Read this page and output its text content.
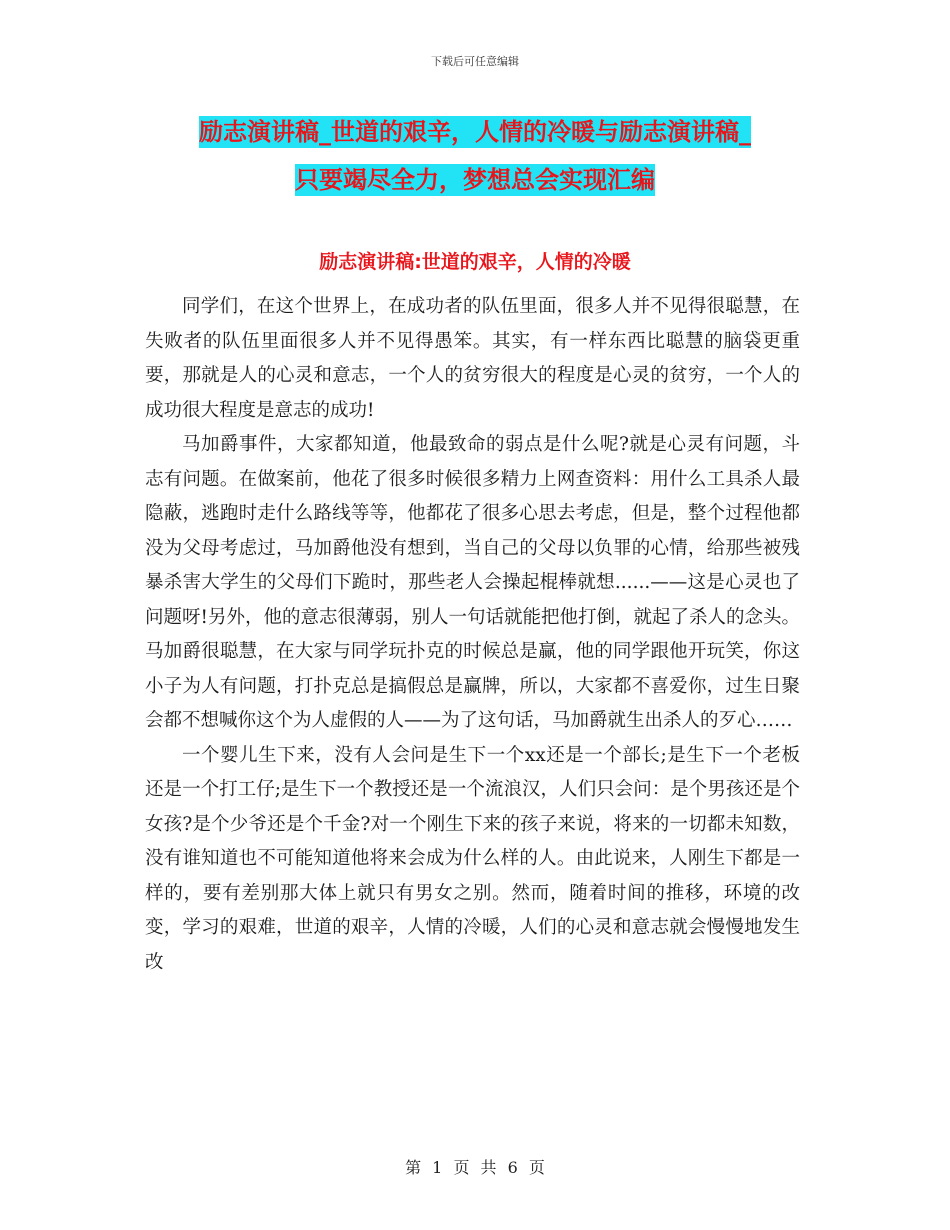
下载后可任意编辑
励志演讲稿_世道的艰辛，人情的冷暖与励志演讲稿_
只要竭尽全力，梦想总会实现汇编
励志演讲稿:世道的艰辛，人情的冷暖

同学们，在这个世界上，在成功者的队伍里面，很多人并不见得很聪慧，在失败者的队伍里面很多人并不见得愚笨。其实，有一样东西比聪慧的脑袋更重要，那就是人的心灵和意志，一个人的贫穷很大的程度是心灵的贫穷，一个人的成功很大程度是意志的成功!

马加爵事件，大家都知道，他最致命的弱点是什么呢?就是心灵有问题，斗志有问题。在做案前，他花了很多时候很多精力上网查资料：用什么工具杀人最隐蔽，逃跑时走什么路线等等，他都花了很多心思去考虑，但是，整个过程他都没为父母考虑过，马加爵他没有想到，当自己的父母以负罪的心情，给那些被残暴杀害大学生的父母们下跪时，那些老人会操起棍棒就想......——这是心灵也了问题呀!另外，他的意志很薄弱，别人一句话就能把他打倒，就起了杀人的念头。马加爵很聪慧，在大家与同学玩扑克的时候总是赢，他的同学跟他开玩笑，你这小子为人有问题，打扑克总是搞假总是赢牌，所以，大家都不喜爱你，过生日聚会都不想喊你这个为人虚假的人——为了这句话，马加爵就生出杀人的歹心……

一个婴儿生下来，没有人会问是生下一个xx还是一个部长;是生下一个老板还是一个打工仔;是生下一个教授还是一个流浪汉，人们只会问：是个男孩还是个女孩?是个少爷还是个千金?对一个刚生下来的孩子来说，将来的一切都未知数，没有谁知道也不可能知道他将来会成为什么样的人。由此说来，人刚生下都是一样的，要有差别那大体上就只有男女之别。然而，随着时间的推移，环境的改变，学习的艰难，世道的艰辛，人情的冷暖，人们的心灵和意志就会慢慢地发生改

第 1 页 共 6 页
